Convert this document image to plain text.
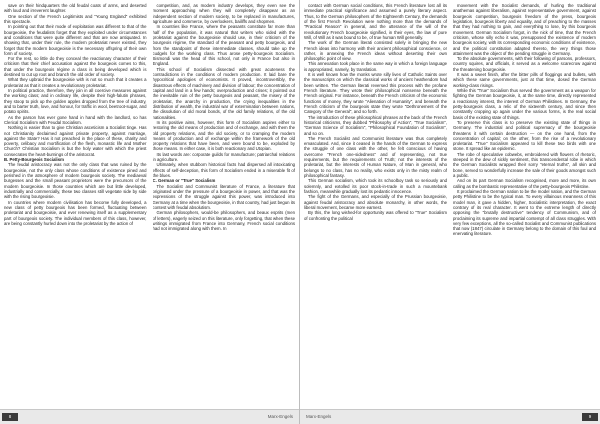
save on their hindquarters the old feudal coats of arms, and deserted with loud and irreverent laughter.

One section of the French Legitimists and "Young England" exhibited this spectacle.

In pointing out that their mode of exploitation was different to that of the bourgeoisie, the feudalists forget that they exploited under circumstances and conditions that were quite different and that are now antiquated. In showing that, under their rule, the modern proletariat never existed, they forget that the modern bourgeoisie is the necessary offspring of their own form of society.

For the rest, so little do they conceal the reactionary character of their criticism that their chief accusation against the bourgeois comes to this, that under the bourgeois régime a class is being developed which is destined to cut up root and branch the old order of society.

What they upbraid the bourgeoisie with is not so much that it creates a proletariat as that it creates a revolutionary proletariat.

In political practice, therefore, they join in all coercive measures against the working class; and in ordinary life, despite their high-falutin phrases, they stoop to pick up the golden apples dropped from the tree of industry, and to barter truth, love, and honour, for traffic in wool, beetroot-sugar, and potato spirits.

As the parson has ever gone hand in hand with the landlord, so has Clerical Socialism with Feudal Socialism.

Nothing is easier than to give Christian asceticism a Socialist tinge. Has not Christianity declaimed against private property, against marriage, against the State? Has it not preached in the place of these, charity and poverty, celibacy and mortification of the flesh, monastic life and Mother Church? Christian Socialism is but the holy water with which the priest consecrates the heart-burnings of the aristocrat.

B. Petty-Bourgeois Socialism

The feudal aristocracy was not the only class that was ruined by the bourgeoisie, not the only class whose conditions of existence pined and perished in the atmosphere of modern bourgeois society. The mediaeval burgesses and the small peasant proprietors were the precursors of the modern bourgeoisie. In those countries which are but little developed, industrially and commercially, these two classes still vegetate side by side with the rising bourgeoisie.

In countries where modern civilisation has become fully developed, a new class of petty bourgeois has been formed, fluctuating between proletariat and bourgeoisie, and ever renewing itself as a supplementary part of bourgeois society. The individual members of this class, however, are being constantly hurled down into the proletariat by the action of

competition, and, as modern industry develops, they even see the moment approaching when they will completely disappear as an independent section of modern society, to be replaced in manufactures, agriculture and commerce, by overlookers, bailiffs and shopmen.

In countries like France, where the peasants constitute far more than half of the population, it was natural that writers who sided with the proletariat against the bourgeoisie should use, in their criticism of the bourgeois régime, the standard of the peasant and petty bourgeois, and from the standpoint of these intermediate classes, should take up the cudgels for the working class. Thus arose petty-bourgeois Socialism. Sismondi was the head of this school, not only in France but also in England.

This school of Socialism dissected with great acuteness the contradictions in the conditions of modern production. It laid bare the hypocritical apologies of economists. It proved, incontrovertibly, the disastrous effects of machinery and division of labour; the concentration of capital and land in a few hands; overproduction and crises; it pointed out the inevitable ruin of the petty bourgeois and peasant, the misery of the proletariat, the anarchy in production, the crying inequalities in the distribution of wealth, the industrial war of extermination between nations, the dissolution of old moral bonds, of the old family relations, of the old nationalities.

In its positive aims, however, this form of Socialism aspires either to restoring the old means of production and of exchange, and with them the old property relations, and the old society, or to cramping the modern means of production and of exchange within the framework of the old property relations that have been, and were bound to be, exploded by those means. In either case, it is both reactionary and Utopian.

Its last words are: corporate guilds for manufacture; patriarchal relations in agriculture.

Ultimately, when stubborn historical facts had dispersed all intoxicating effects of self-deception, this form of Socialism ended in a miserable fit of the blues.

C. German or "True" Socialism

The Socialist and Communist literature of France, a literature that originated under the pressure of a bourgeoisie in power, and that was the expressions of the struggle against this power, was introduced into Germany at a time when the bourgeoisie, in that country, had just begun its contest with feudal absolutism.

German philosophers, would-be philosophers, and beaux esprits (men of letters), eagerly seized on this literature, only forgetting, that when these writings immigrated from France into Germany, French social conditions had not immigrated along with them. In

8	Marx-Engels

contact with German social conditions, this French literature lost all its immediate practical significance and assumed a purely literary aspect. Thus, to the German philosophers of the Eighteenth Century, the demands of the first French Revolution were nothing more than the demands of "Practical Reason" in general, and the utterance of the will of the revolutionary French bourgeoisie signified, in their eyes, the law of pure Will, of Will as it was bound to be, of true human Will generally.

The work of the German literati consisted solely in bringing the new French ideas into harmony with their ancient philosophical conscience, or rather, in annexing the French ideas without deserting their own philosophic point of view.

This annexation took place in the same way in which a foreign language is appropriated, namely, by translation.

It is well known how the monks wrote silly lives of Catholic Saints over the manuscripts on which the classical works of ancient heathendom had been written. The German literati reversed this process with the profane French literature. They wrote their philosophical nonsense beneath the French original. For instance, beneath the French criticism of the economic functions of money, they wrote "Alienation of Humanity", and beneath the French criticism of the bourgeois state they wrote "Dethronement of the Category of the General", and so forth.

The introduction of these philosophical phrases at the back of the French historical criticisms, they dubbed "Philosophy of Action", "True Socialism", "German Science of Socialism", "Philosophical Foundation of Socialism", and so on.

The French Socialist and Communist literature was thus completely emasculated. And, since it ceased in the hands of the German to express the struggle of one class with the other, he felt conscious of having overcome "French one-sidedness" and of representing, not true requirements, but the requirements of Truth; not the interests of the proletariat, but the interests of Human Nature, of Man in general, who belongs to no class, has no reality, who exists only in the misty realm of philosophical fantasy.

This German socialism, which took its schoolboy task so seriously and solemnly, and extolled its poor stock-in-trade in such a mountebank fashion, meanwhile gradually lost its pedantic innocence.

The fight of the Germans, and especially of the Prussian bourgeoisie, against feudal aristocracy and absolute monarchy, in other words, the liberal movement, became more earnest.

By this, the long wished-for opportunity was offered to "True" Socialism of confronting the political

movement with the Socialist demands, of hurling the traditional anathemas against liberalism, against representative government, against bourgeois competition, bourgeois freedom of the press, bourgeois legislation, bourgeois liberty and equality, and of preaching to the masses that they had nothing to gain, and everything to lose, by this bourgeois movement. German Socialism forgot, in the nick of time, that the French criticism, whose silly echo it was, presupposed the existence of modern bourgeois society, with its corresponding economic conditions of existence, and the political constitution adapted thereto, the very things those attainment was the object of the pending struggle in Germany.

To the absolute governments, with their following of parsons, professors, country squires, and officials, it served as a welcome scarecrow against the threatening bourgeoisie.

It was a sweet finish, after the bitter pills of floggings and bullets, with which these same governments, just at that time, dosed the German working-class risings.

While this "True" Socialism thus served the government as a weapon for fighting the German bourgeoisie, it, at the same time, directly represented a reactionary interest, the interest of German Philistines. In Germany, the petty-bourgeois class, a relic of the sixteenth century, and since then constantly cropping up again under the various forms, is the real social basis of the existing state of things.

To preserve this class is to preserve the existing state of things in Germany. The industrial and political supremacy of the bourgeoisie threatens it with certain destruction — on the one hand, from the concentration of capital; on the other, from the rise of a revolutionary proletariat. "True" Socialism appeared to kill these two birds with one stone. It spread like an epidemic.

The robe of speculative cobwebs, embroidered with flowers of rhetoric, steeped in the dew of sickly sentiment, this transcendental robe in which the German Socialists wrapped their sorry "eternal truths", all skin and bone, served to wonderfully increase the sale of their goods amongst such a public.

And on its part German Socialism recognised, more and more, its own calling as the bombastic representative of the petty-bourgeois Philistine.

It proclaimed the German nation to be the model nation, and the German petty Philistine to be the typical man. To every villainous meanness of this model man, it gave a hidden, higher, Socialistic interpretation, the exact contrary of its real character. It went to the extreme length of directly opposing the "brutally destructive" tendency of Communism, and of proclaiming its supreme and impartial contempt of all class struggles. With very few exceptions, all the so-called Socialist and Communist publications that now (1847) circulate in Germany belong to the domain of this foul and enervating literature.

Marx-Engels	9
